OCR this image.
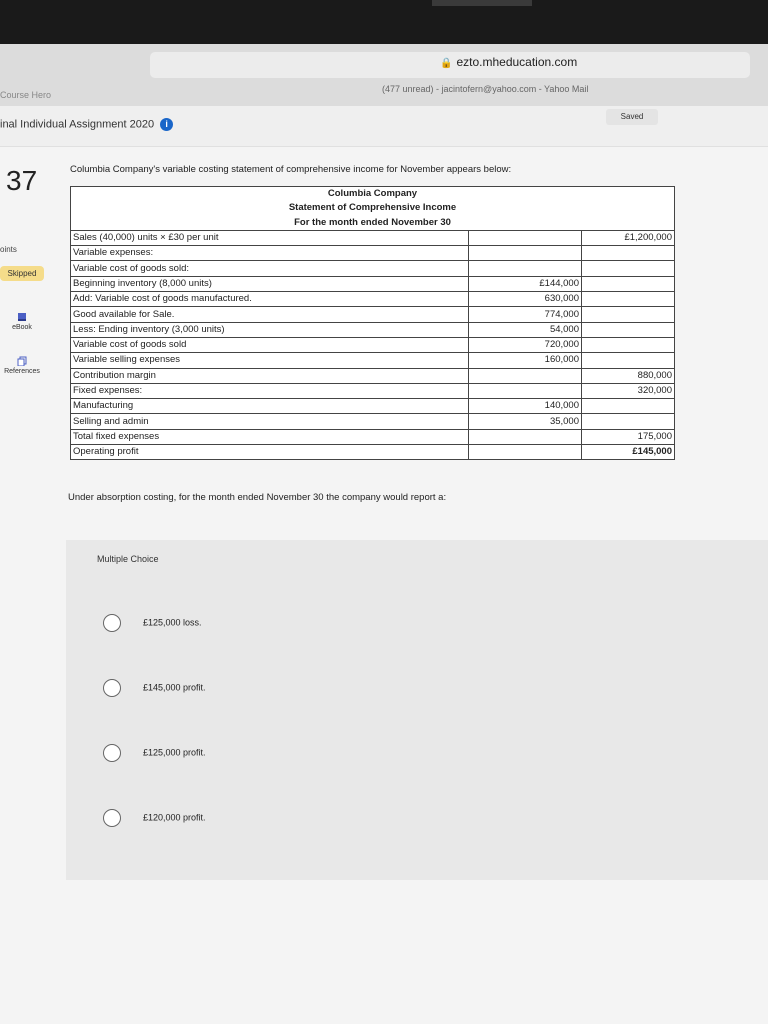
🔒 ezto.mheducation.com
Course Hero
(477 unread) - jacintofern@yahoo.com - Yahoo Mail
inal Individual Assignment 2020 i
Saved
37
oints
Skipped
eBook
References
Columbia Company's variable costing statement of comprehensive income for November appears below:
Columbia Company		
Statement of Comprehensive Income		
For the month ended November 30		
Sales (40,000) units × £30 per unit		£1,200,000
Variable expenses:		
Variable cost of goods sold:		
Beginning inventory (8,000 units)	£144,000	
Add: Variable cost of goods manufactured.	630,000	
Good available for Sale.	774,000	
Less: Ending inventory (3,000 units)	54,000	
Variable cost of goods sold	720,000	
Variable selling expenses	160,000	
Contribution margin		880,000
Fixed expenses:		320,000
Manufacturing	140,000	
Selling and admin	35,000	
Total fixed expenses		175,000
Operating profit		£145,000
Under absorption costing, for the month ended November 30 the company would report a:
Multiple Choice
£125,000 loss.
£145,000 profit.
£125,000 profit.
£120,000 profit.
